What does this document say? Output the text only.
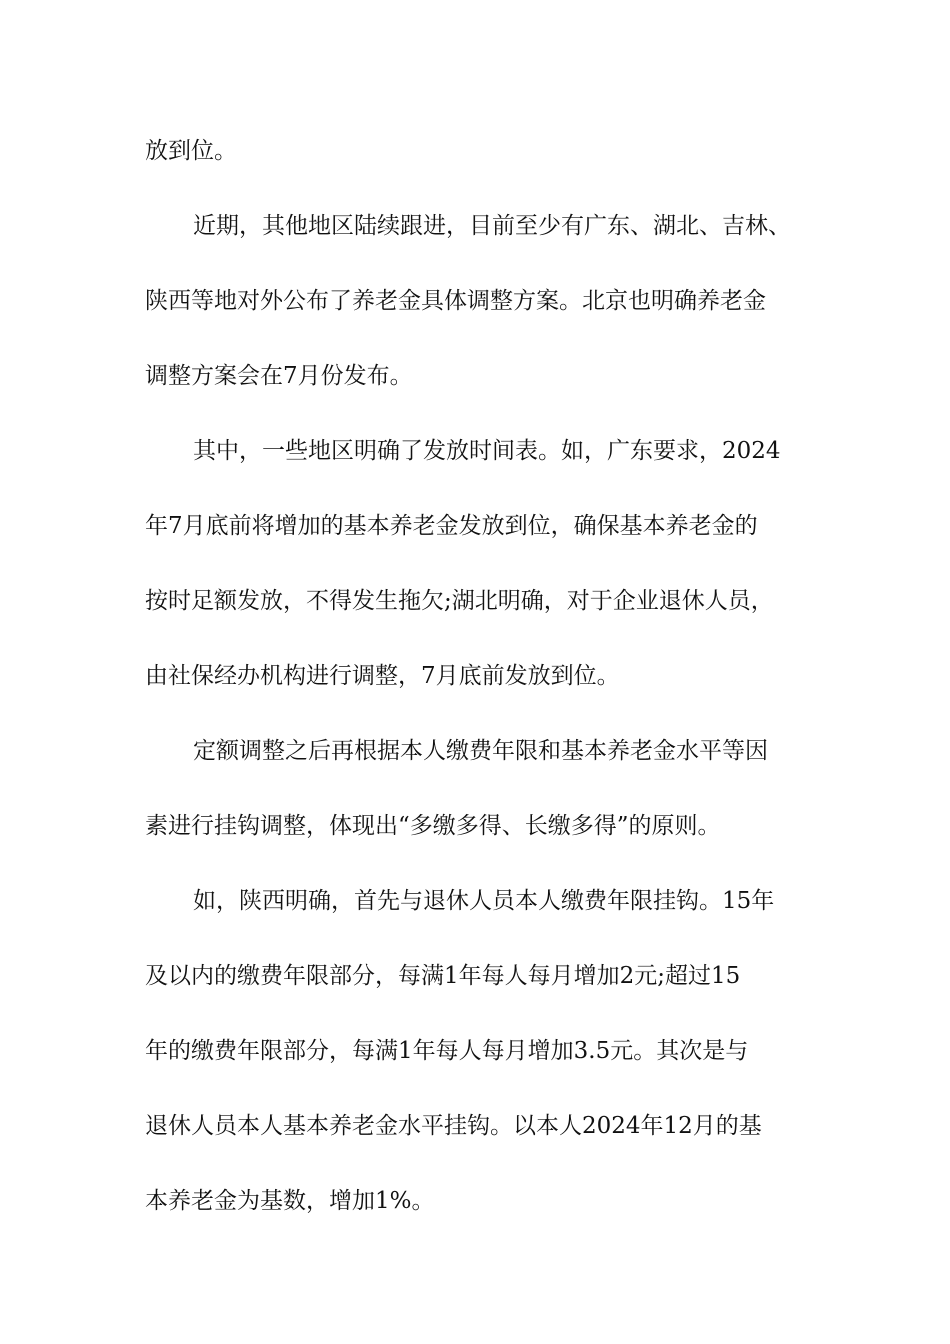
放到位。
近期，其他地区陆续跟进，目前至少有广东、湖北、吉林、
陕西等地对外公布了养老金具体调整方案。北京也明确养老金
调整方案会在7月份发布。
其中，一些地区明确了发放时间表。如，广东要求，2024
年7月底前将增加的基本养老金发放到位，确保基本养老金的
按时足额发放，不得发生拖欠;湖北明确，对于企业退休人员，
由社保经办机构进行调整，7月底前发放到位。
定额调整之后再根据本人缴费年限和基本养老金水平等因
素进行挂钩调整，体现出“多缴多得、长缴多得”的原则。
如，陕西明确，首先与退休人员本人缴费年限挂钩。15年
及以内的缴费年限部分，每满1年每人每月增加2元;超过15
年的缴费年限部分，每满1年每人每月增加3.5元。其次是与
退休人员本人基本养老金水平挂钩。以本人2024年12月的基
本养老金为基数，增加1%。
